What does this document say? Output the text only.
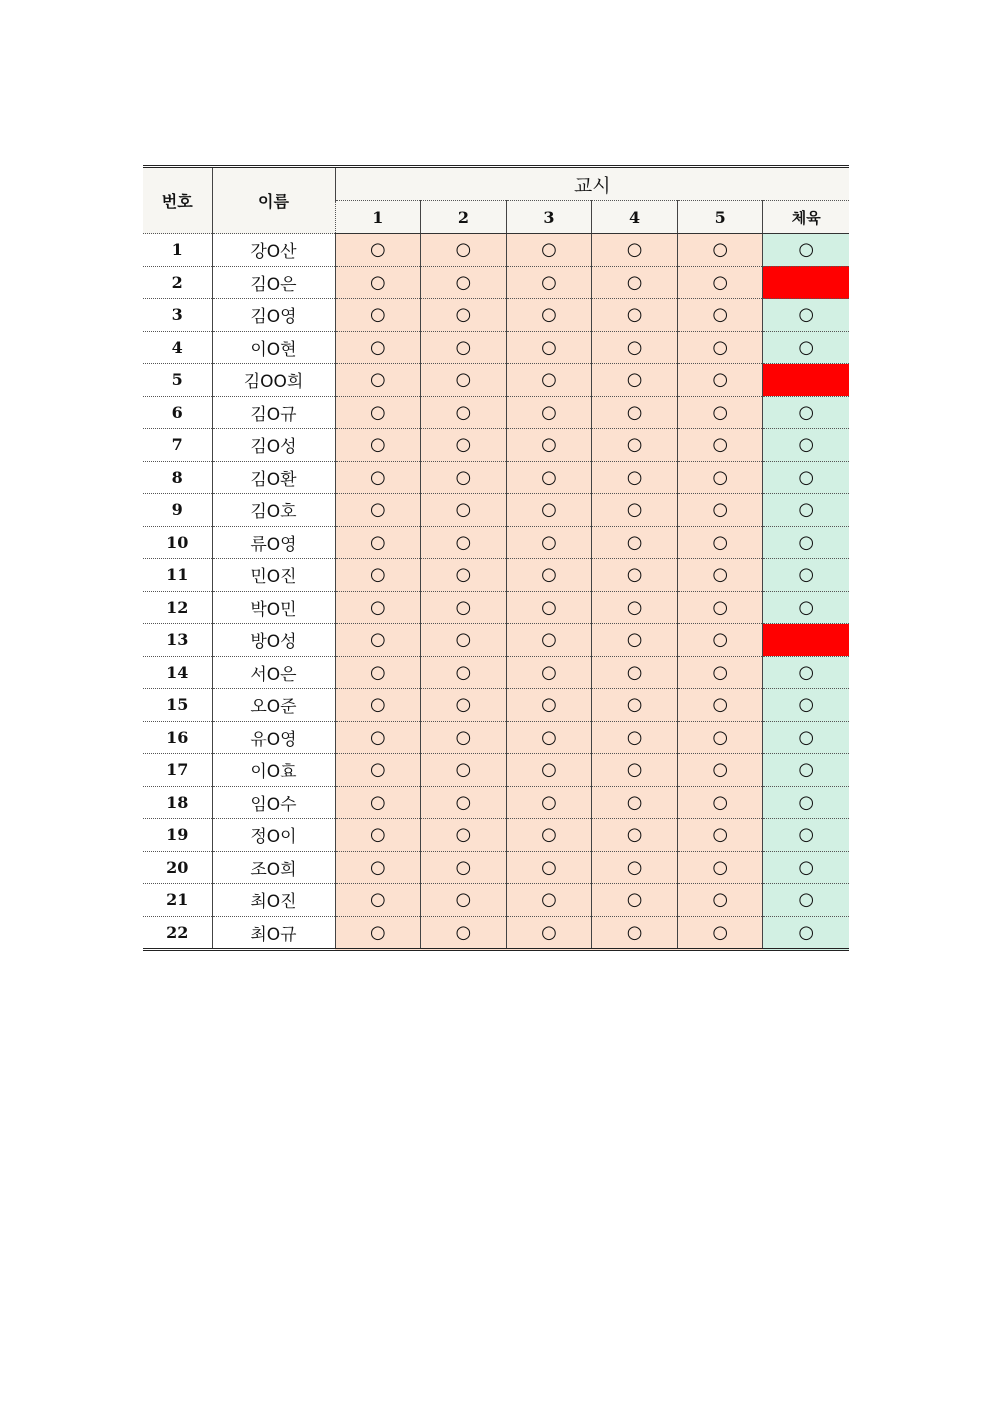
번호	이름	교시					
		1	2	3	4	5	체육
1	강O산	○	○	○	○	○	○
2	김O은	○	○	○	○	○	
3	김O영	○	○	○	○	○	○
4	이O현	○	○	○	○	○	○
5	김OO희	○	○	○	○	○	
6	김O규	○	○	○	○	○	○
7	김O성	○	○	○	○	○	○
8	김O환	○	○	○	○	○	○
9	김O호	○	○	○	○	○	○
10	류O영	○	○	○	○	○	○
11	민O진	○	○	○	○	○	○
12	박O민	○	○	○	○	○	○
13	방O성	○	○	○	○	○	
14	서O은	○	○	○	○	○	○
15	오O준	○	○	○	○	○	○
16	유O영	○	○	○	○	○	○
17	이O효	○	○	○	○	○	○
18	임O수	○	○	○	○	○	○
19	정O이	○	○	○	○	○	○
20	조O희	○	○	○	○	○	○
21	최O진	○	○	○	○	○	○
22	최O규	○	○	○	○	○	○
